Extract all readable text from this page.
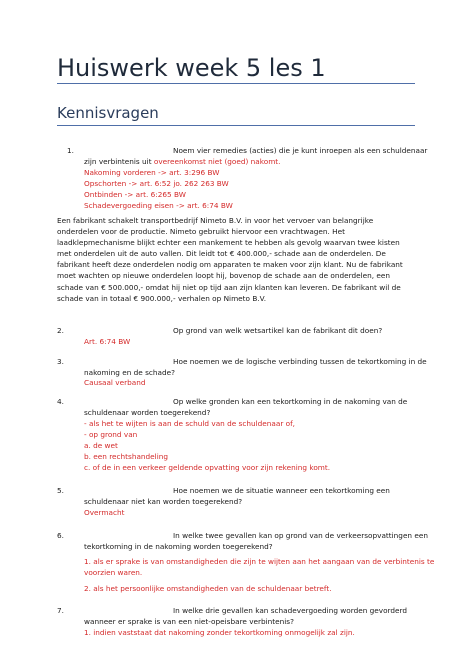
Huiswerk week 5 les 1
Kennisvragen
1.	Noem vier remedies (acties) die je kunt inroepen als een schuldenaar
zijn verbintenis uit overeenkomst niet (goed) nakomt.
Nakoming vorderen -> art. 3:296 BW
Opschorten -> art. 6:52 jo. 262 263 BW
Ontbinden -> art. 6:265 BW
Schadevergoeding eisen -> art. 6:74 BW
Een fabrikant schakelt transportbedrijf Nimeto B.V. in voor het vervoer van belangrijke onderdelen voor de productie. Nimeto gebruikt hiervoor een vrachtwagen. Het laadklepmechanisme blijkt echter een mankement te hebben als gevolg waarvan twee kisten met onderdelen uit de auto vallen. Dit leidt tot € 400.000,- schade aan de onderdelen. De fabrikant heeft deze onderdelen nodig om apparaten te maken voor zijn klant. Nu de fabrikant moet wachten op nieuwe onderdelen loopt hij, bovenop de schade aan de onderdelen, een schade van € 500.000,- omdat hij niet op tijd aan zijn klanten kan leveren. De fabrikant wil de schade van in totaal € 900.000,- verhalen op Nimeto B.V.
2.	Op grond van welk wetsartikel kan de fabrikant dit doen?
Art. 6:74 BW
3.	Hoe noemen we de logische verbinding tussen de tekortkoming in de
nakoming en de schade?
Causaal verband
4.	Op welke gronden kan een tekortkoming in de nakoming van de
schuldenaar worden toegerekend?
- als het te wijten is aan de schuld van de schuldenaar of,
- op grond van
a. de wet
b. een rechtshandeling
c. of de in een verkeer geldende opvatting voor zijn rekening komt.
5.	Hoe noemen we de situatie wanneer een tekortkoming een
schuldenaar niet kan worden toegerekend?
Overmacht
6.	In welke twee gevallen kan op grond van de verkeersopvattingen een
tekortkoming in de nakoming worden toegerekend?
1. als er sprake is van omstandigheden die zijn te wijten aan het aangaan van de verbintenis te
voorzien waren.
2. als het persoonlijke omstandigheden van de schuldenaar betreft.
7.	In welke drie gevallen kan schadevergoeding worden gevorderd
wanneer er sprake is van een niet-opeisbare verbintenis?
1. indien vaststaat dat nakoming zonder tekortkoming onmogelijk zal zijn.
